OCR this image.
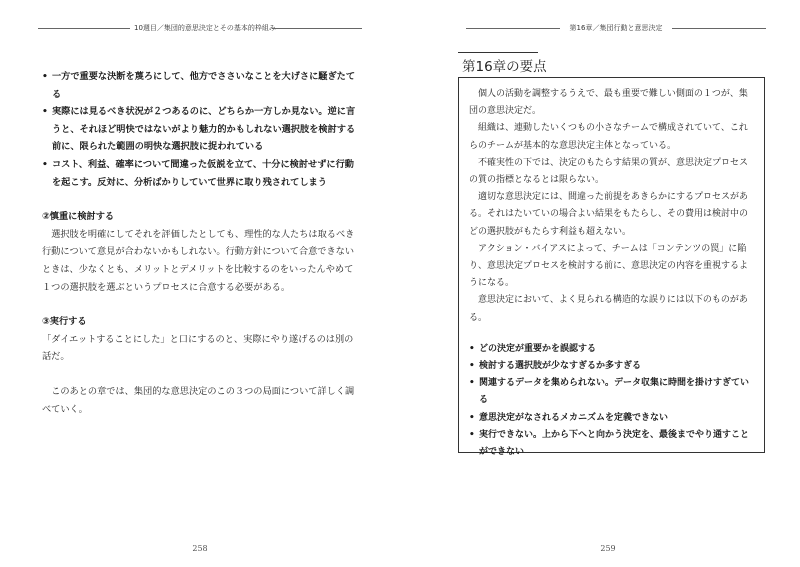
10週目／集団的意思決定とその基本的枠組み
• 一方で重要な決断を蔑ろにして、他方でささいなことを大げさに騒ぎたてる
• 実際には見るべき状況が２つあるのに、どちらか一方しか見ない。逆に言うと、それほど明快ではないがより魅力的かもしれない選択肢を検討する前に、限られた範囲の明快な選択肢に捉われている
• コスト、利益、確率について間違った仮説を立て、十分に検討せずに行動を起こす。反対に、分析ばかりしていて世界に取り残されてしまう
②慎重に検討する

選択肢を明確にしてそれを評価したとしても、理性的な人たちは取るべき行動について意見が合わないかもしれない。行動方針について合意できないときは、少なくとも、メリットとデメリットを比較するのをいったんやめて１つの選択肢を選ぶというプロセスに合意する必要がある。

③実行する

「ダイエットすることにした」と口にするのと、実際にやり遂げるのは別の話だ。

このあとの章では、集団的な意思決定のこの３つの局面について詳しく調べていく。

258
第16章／集団行動と意思決定
第16章の要点

個人の活動を調整するうえで、最も重要で難しい側面の１つが、集団の意思決定だ。

組織は、連動したいくつもの小さなチームで構成されていて、これらのチームが基本的な意思決定主体となっている。

不確実性の下では、決定のもたらす結果の質が、意思決定プロセスの質の指標となるとは限らない。

適切な意思決定には、間違った前提をあきらかにするプロセスがある。それはたいていの場合よい結果をもたらし、その費用は検討中のどの選択肢がもたらす利益も超えない。

アクション・バイアスによって、チームは「コンテンツの罠」に陥り、意思決定プロセスを検討する前に、意思決定の内容を重視するようになる。

意思決定において、よく見られる構造的な誤りには以下のものがある。

• どの決定が重要かを誤認する
• 検討する選択肢が少なすぎるか多すぎる
• 関連するデータを集められない。データ収集に時間を掛けすぎている
• 意思決定がなされるメカニズムを定義できない
• 実行できない。上から下へと向かう決定を、最後までやり通すことができない
259
